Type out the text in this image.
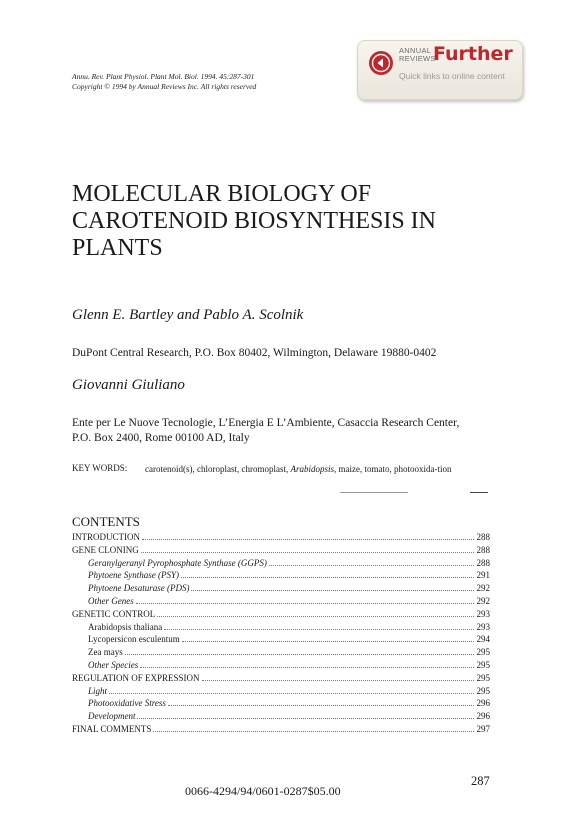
Annu. Rev. Plant Physiol. Plant Mol. Biol. 1994. 45:287-301
Copyright © 1994 by Annual Reviews Inc. All rights reserved
ANNUAL
REVIEWS
Further
Quick links to online content
MOLECULAR BIOLOGY OF
CAROTENOID BIOSYNTHESIS IN
PLANTS
Glenn E. Bartley and Pablo A. Scolnik
DuPont Central Research, P.O. Box 80402, Wilmington, Delaware 19880-0402
Giovanni Giuliano
Ente per Le Nuove Tecnologie, L’Energia E L’Ambiente, Casaccia Research Center,
P.O. Box 2400, Rome 00100 AD, Italy
KEY WORDS: carotenoid(s), chloroplast, chromoplast, Arabidopsis, maize, tomato, photooxida-tion
CONTENTS
INTRODUCTION	288
GENE CLONING	288
Geranylgeranyl Pyrophosphate Synthase (GGPS)	288
Phytoene Synthase (PSY)	291
Phytoene Desaturase (PDS)	292
Other Genes	292
GENETIC CONTROL	293
Arabidopsis thaliana	293
Lycopersicon esculentum	294
Zea mays	295
Other Species	295
REGULATION OF EXPRESSION	295
Light	295
Photooxidative Stress	296
Development	296
FINAL COMMENTS	297
0066-4294/94/0601-0287$05.00
287
